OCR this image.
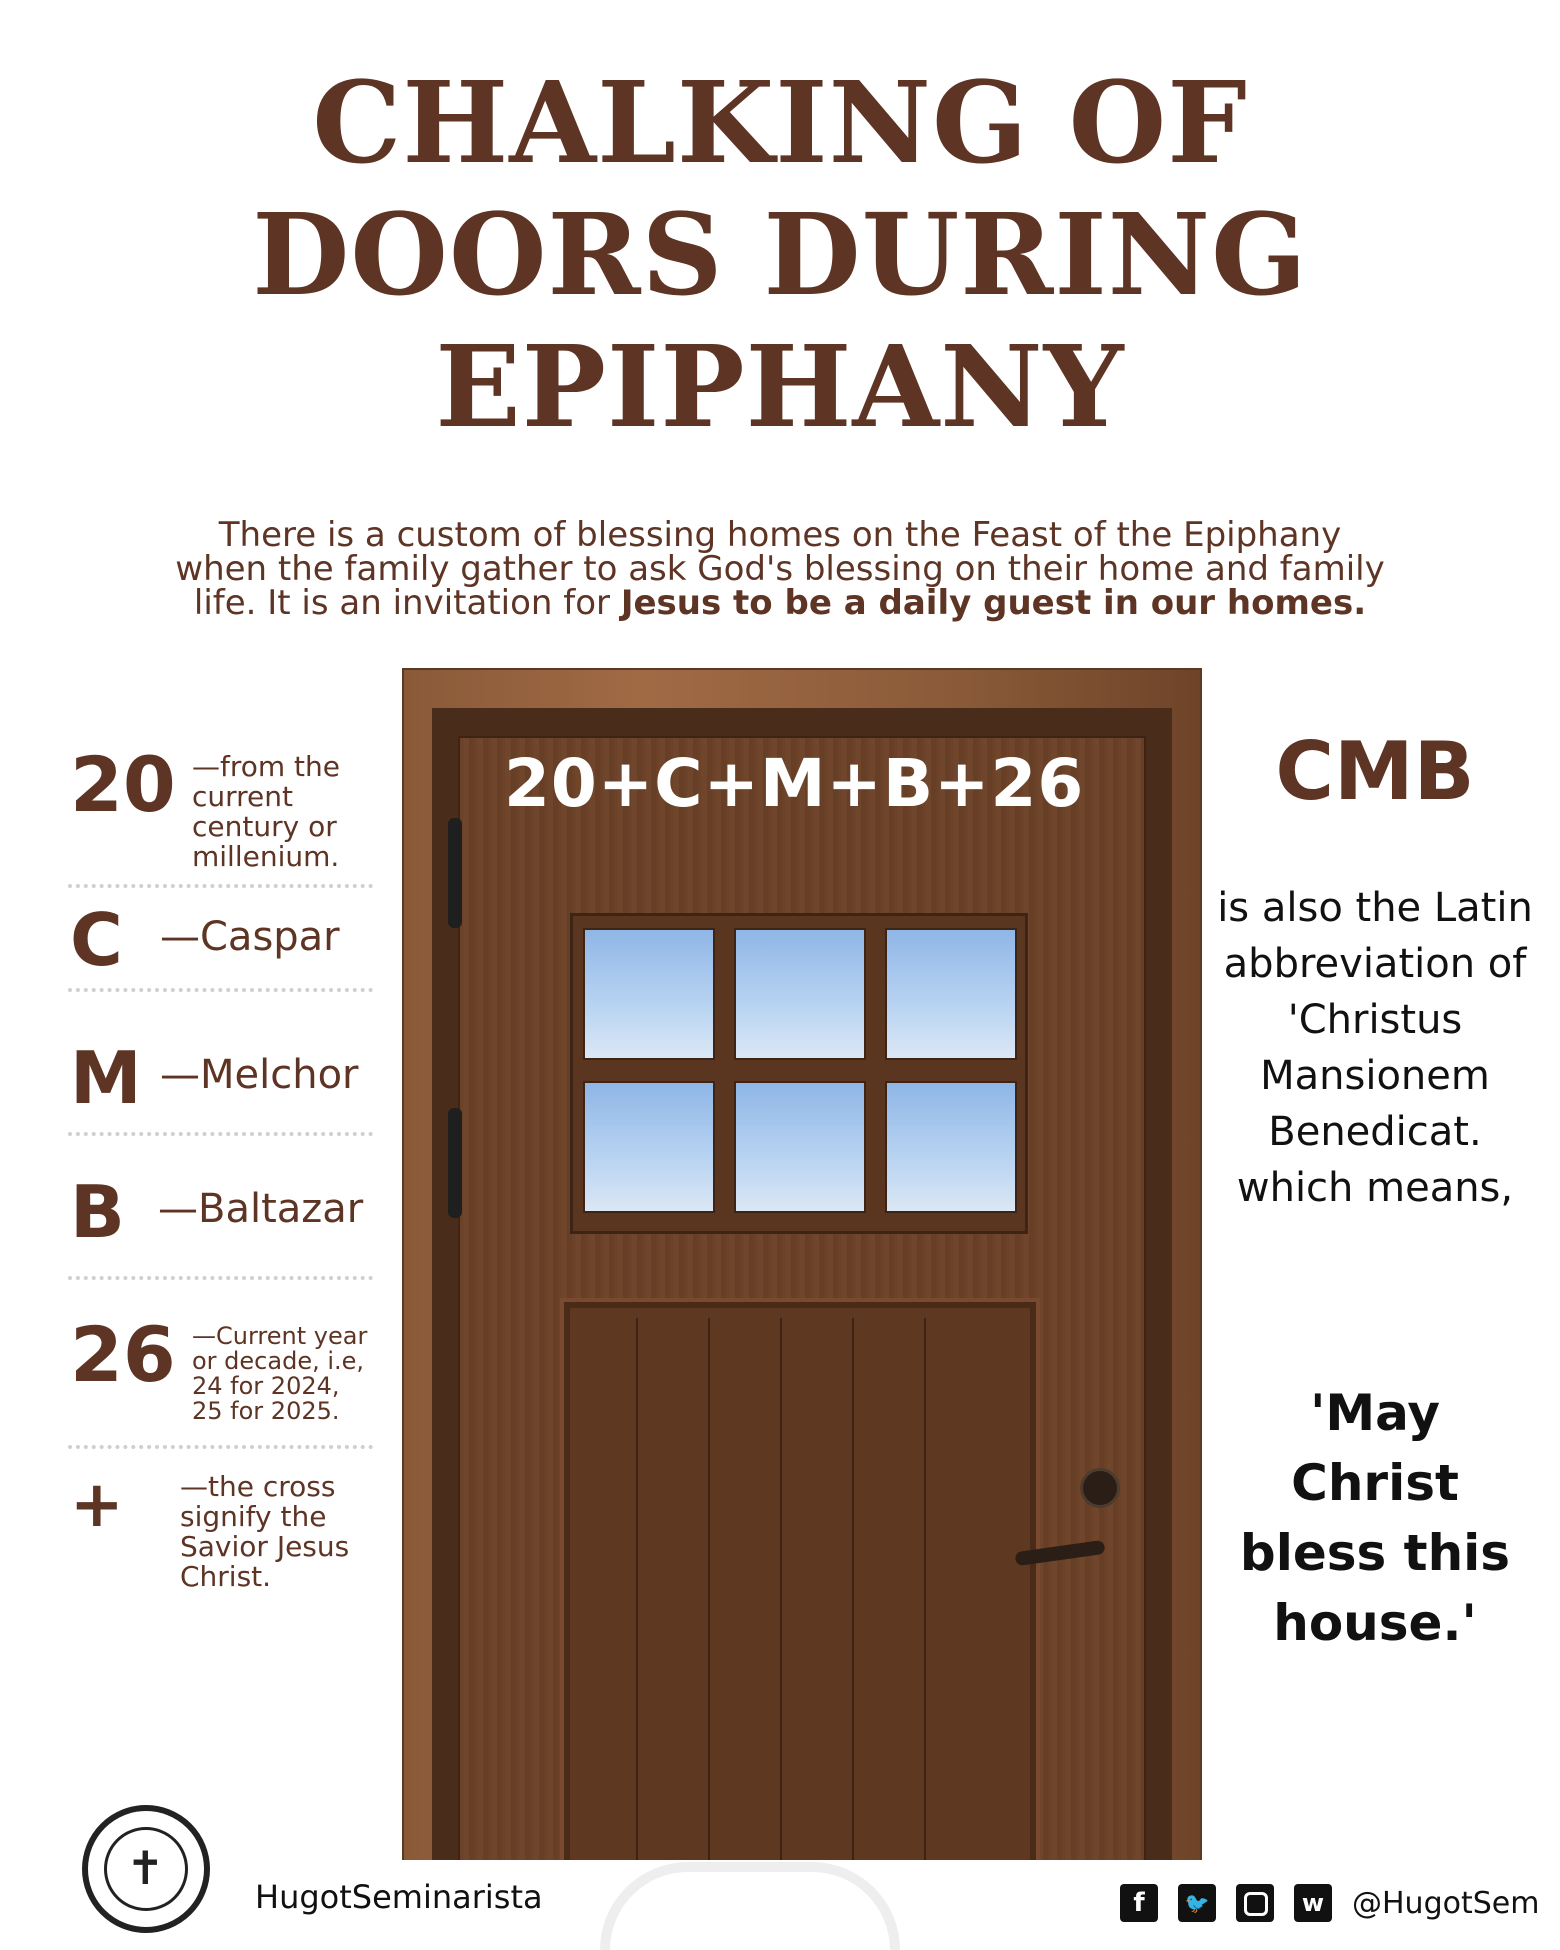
CHALKING OF
DOORS DURING
EPIPHANY
There is a custom of blessing homes on the Feast of the Epiphany
when the family gather to ask God's blessing on their home and family
life. It is an invitation for Jesus to be a daily guest in our homes.
20+C+M+B+26
20 —from the current century or millenium.
C —Caspar
M —Melchor
B —Baltazar
26 —Current year or decade, i.e, 24 for 2024, 25 for 2025.
+ —the cross signify the Savior Jesus Christ.
CMB
is also the Latin abbreviation of 'Christus Mansionem Benedicat. which means,
'May Christ bless this house.'
✝
HugotSeminarista	f	🐦	w @HugotSem
